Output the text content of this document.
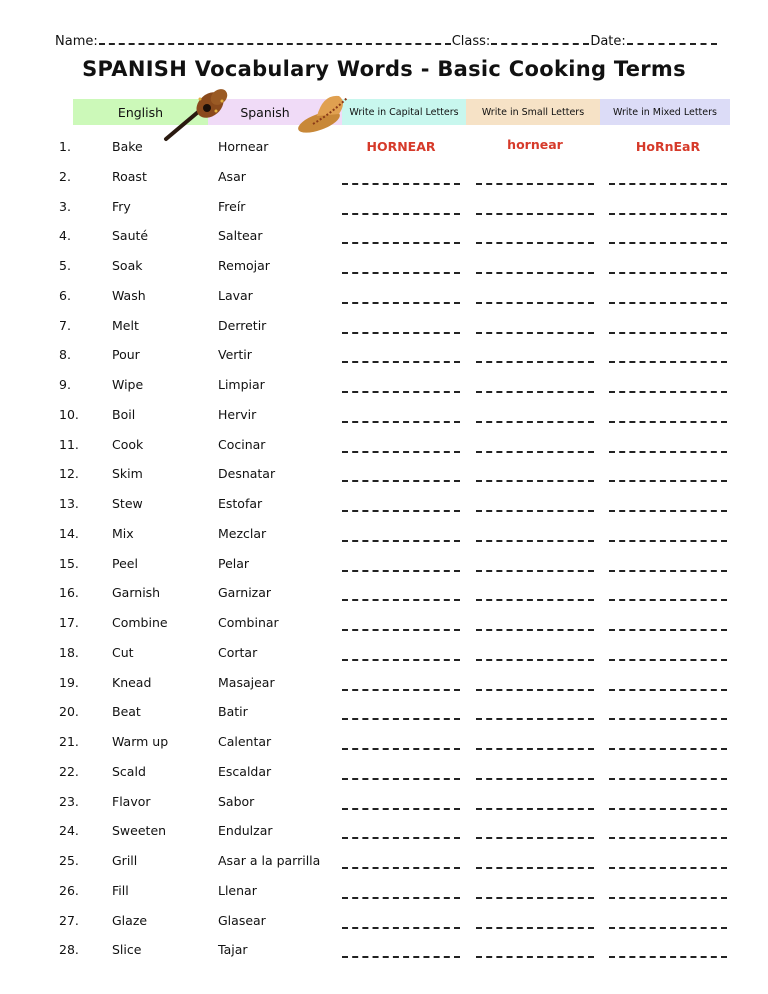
Name:	Class:	Date:
SPANISH Vocabulary Words - Basic Cooking Terms
English	Spanish	Write in Capital Letters	Write in Small Letters	Write in Mixed Letters
1.	Bake	Hornear	HORNEAR	hornear	HoRnEaR
2.	Roast	Asar
3.	Fry	Freír
4.	Sauté	Saltear
5.	Soak	Remojar
6.	Wash	Lavar
7.	Melt	Derretir
8.	Pour	Vertir
9.	Wipe	Limpiar
10.	Boil	Hervir
11.	Cook	Cocinar
12.	Skim	Desnatar
13.	Stew	Estofar
14.	Mix	Mezclar
15.	Peel	Pelar
16.	Garnish	Garnizar
17.	Combine	Combinar
18.	Cut	Cortar
19.	Knead	Masajear
20.	Beat	Batir
21.	Warm up	Calentar
22.	Scald	Escaldar
23.	Flavor	Sabor
24.	Sweeten	Endulzar
25.	Grill	Asar a la parrilla
26.	Fill	Llenar
27.	Glaze	Glasear
28.	Slice	Tajar
